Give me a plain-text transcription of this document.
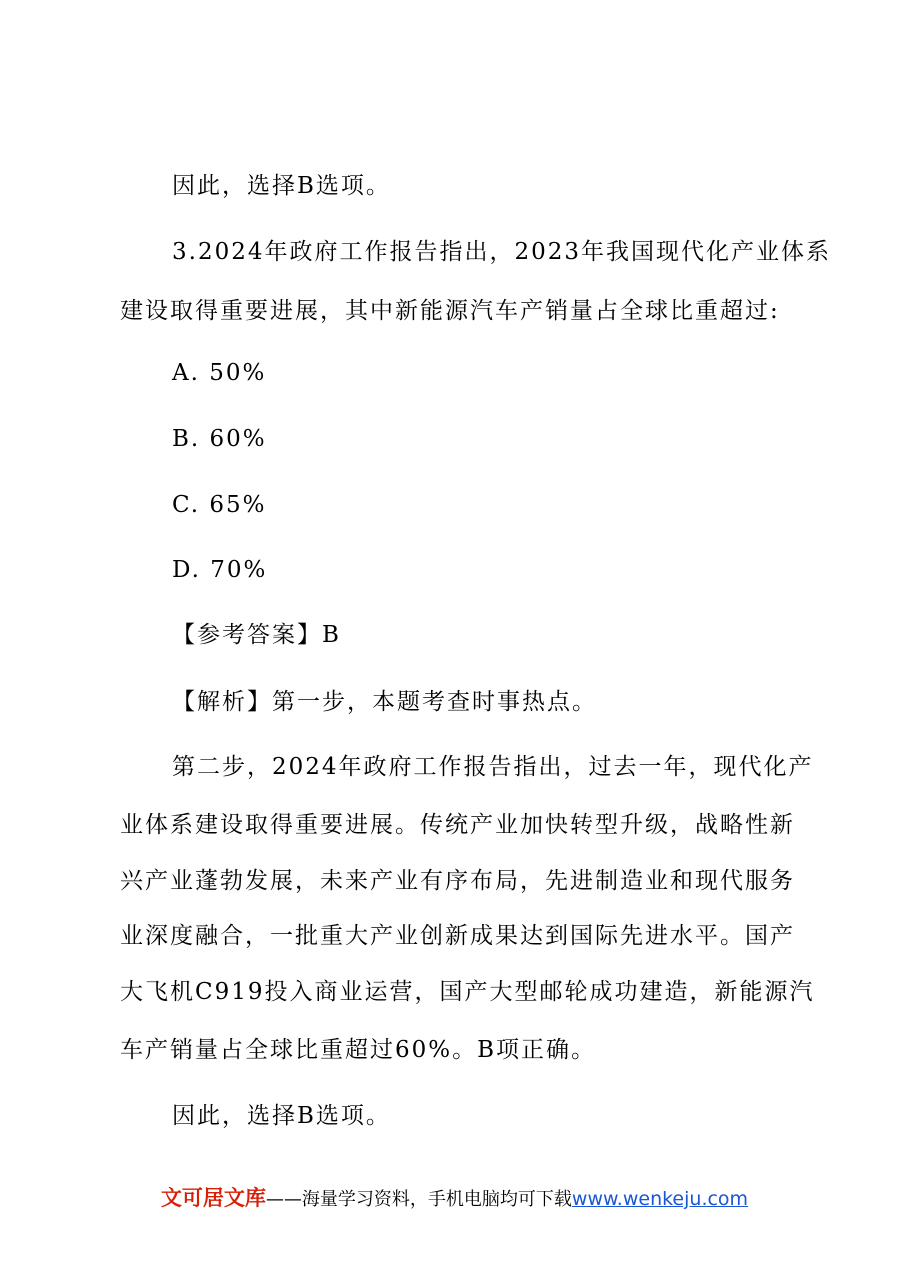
因此，选择B选项。
3.2024年政府工作报告指出，2023年我国现代化产业体系
建设取得重要进展，其中新能源汽车产销量占全球比重超过:
A. 50%
B. 60%
C. 65%
D. 70%
【参考答案】B
【解析】第一步，本题考查时事热点。
第二步，2024年政府工作报告指出，过去一年，现代化产
业体系建设取得重要进展。传统产业加快转型升级，战略性新
兴产业蓬勃发展，未来产业有序布局，先进制造业和现代服务
业深度融合，一批重大产业创新成果达到国际先进水平。国产
大飞机C919投入商业运营，国产大型邮轮成功建造，新能源汽
车产销量占全球比重超过60%。B项正确。
因此，选择B选项。
文可居文库——海量学习资料，手机电脑均可下载www.wenkeju.com
